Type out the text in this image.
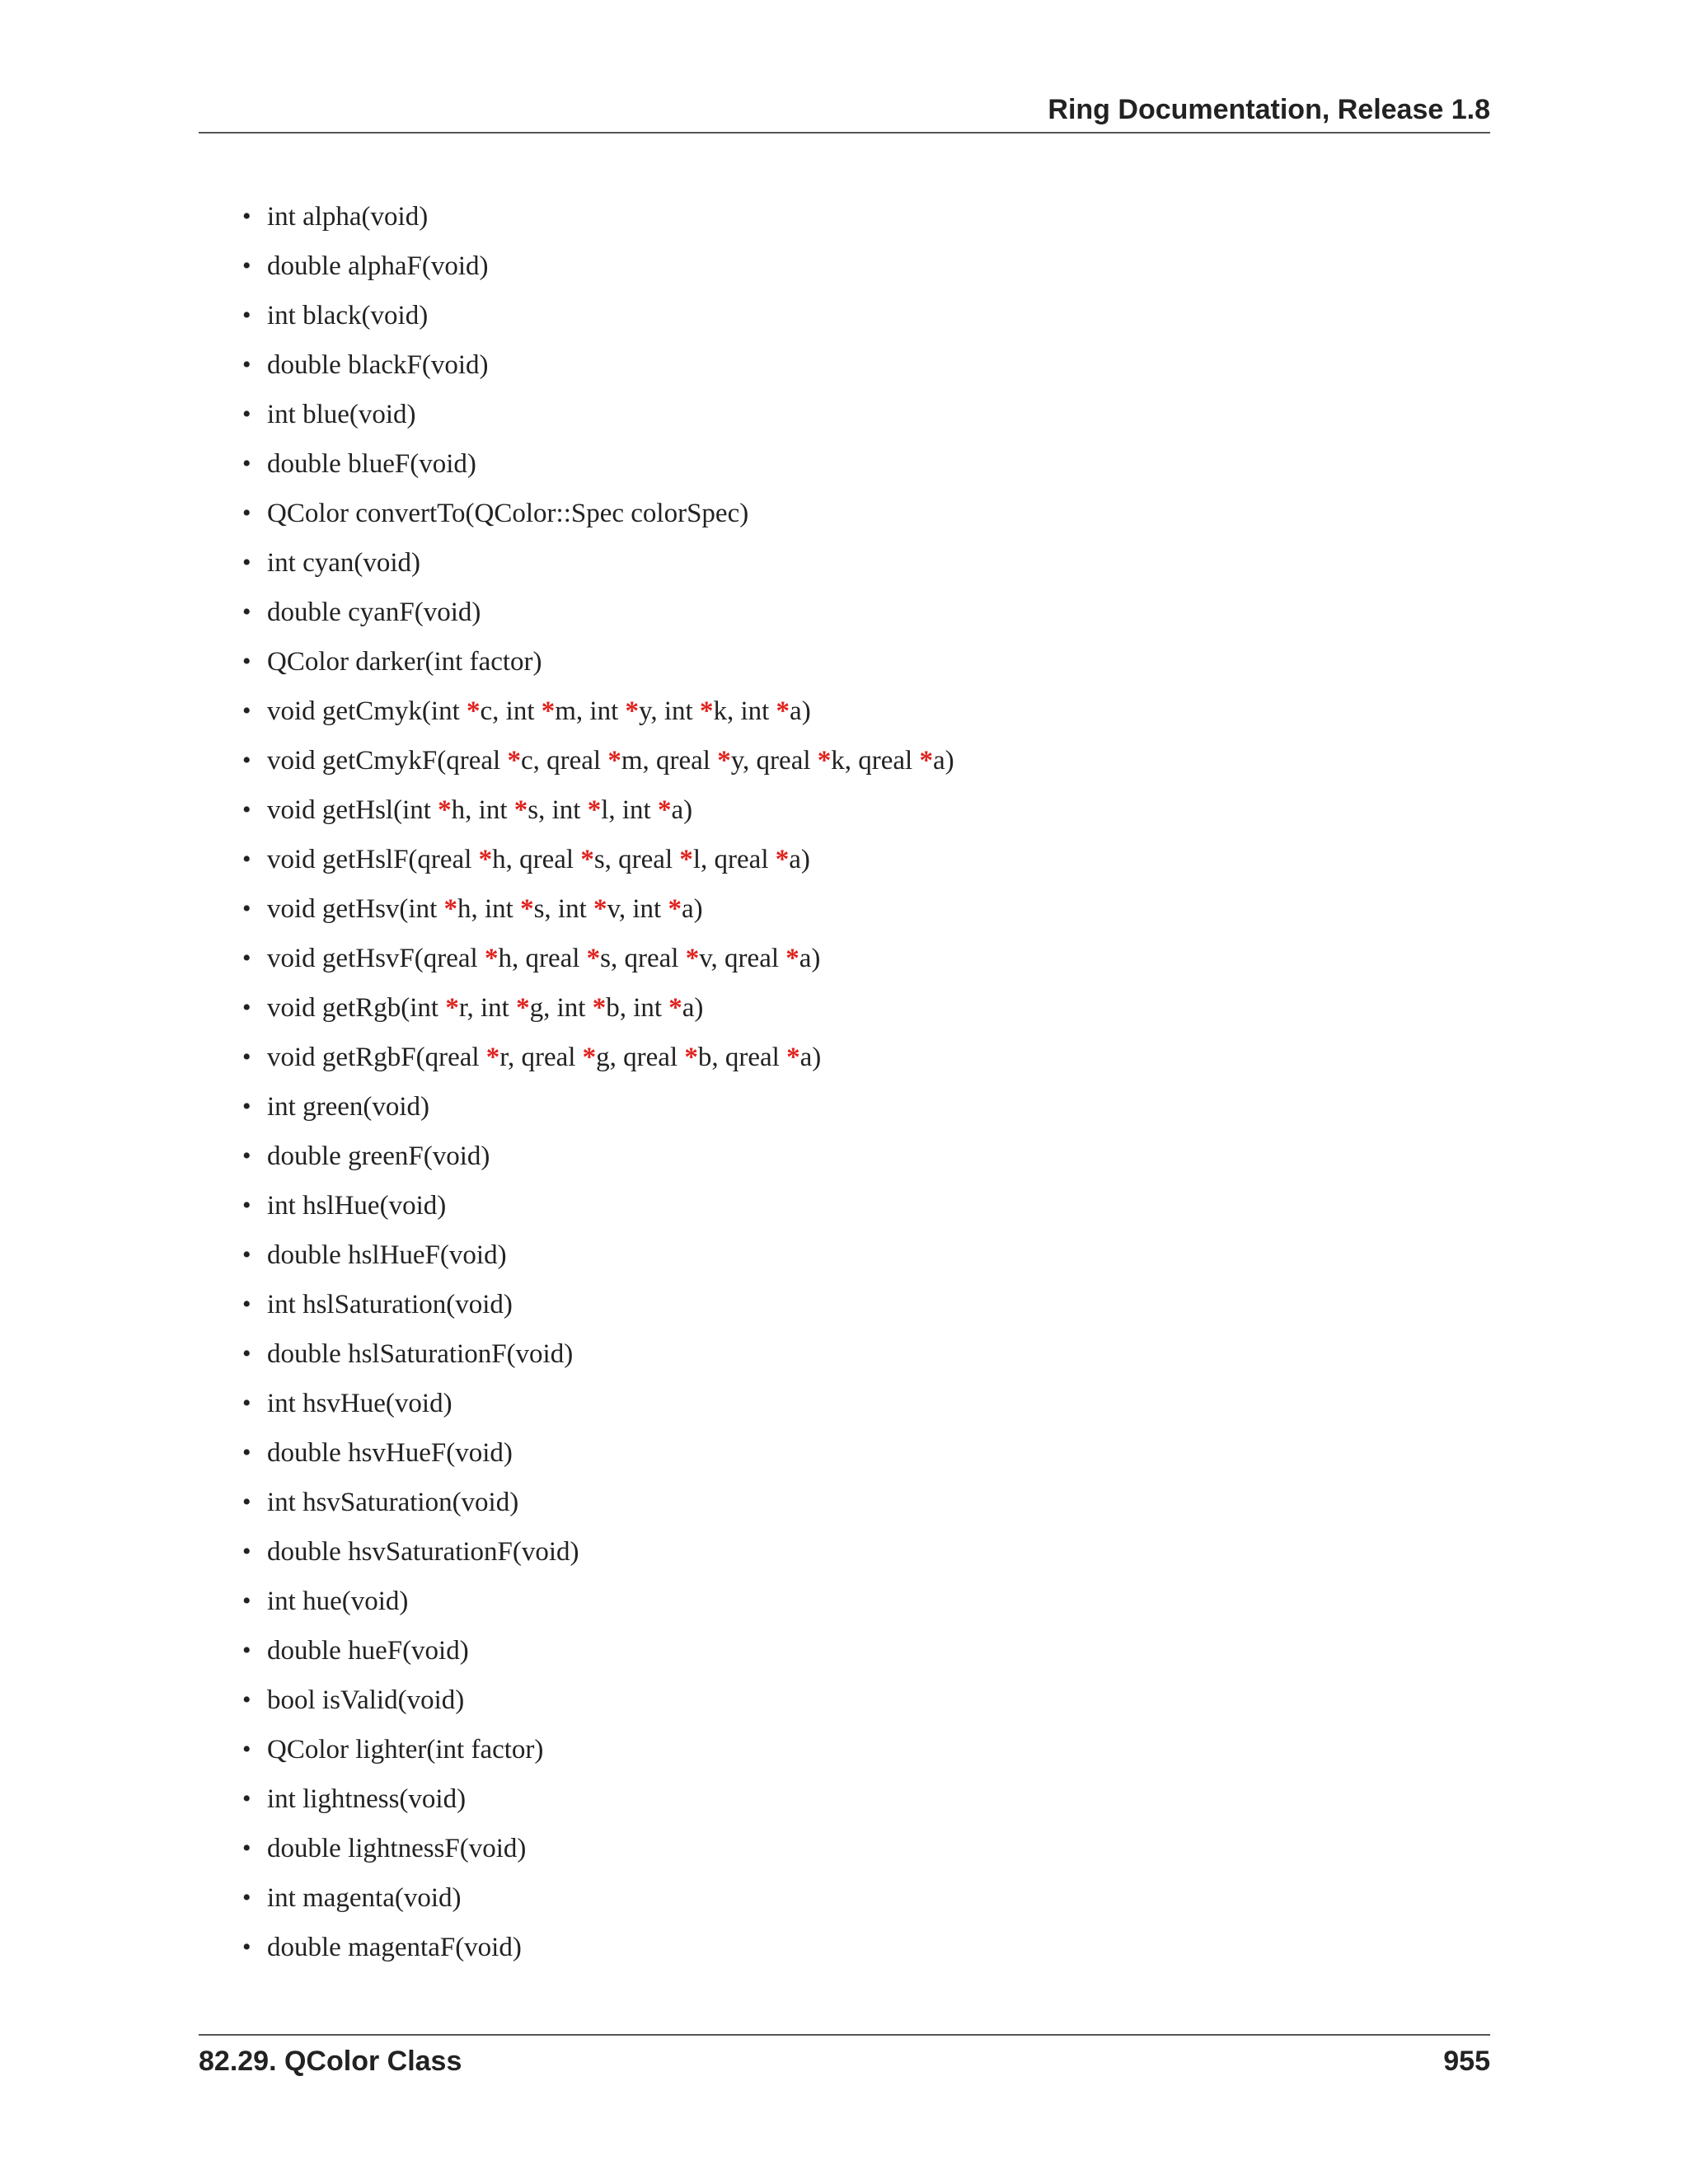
Ring Documentation, Release 1.8
• int alpha(void)
• double alphaF(void)
• int black(void)
• double blackF(void)
• int blue(void)
• double blueF(void)
• QColor convertTo(QColor::Spec colorSpec)
• int cyan(void)
• double cyanF(void)
• QColor darker(int factor)
• void getCmyk(int *c, int *m, int *y, int *k, int *a)
• void getCmykF(qreal *c, qreal *m, qreal *y, qreal *k, qreal *a)
• void getHsl(int *h, int *s, int *l, int *a)
• void getHslF(qreal *h, qreal *s, qreal *l, qreal *a)
• void getHsv(int *h, int *s, int *v, int *a)
• void getHsvF(qreal *h, qreal *s, qreal *v, qreal *a)
• void getRgb(int *r, int *g, int *b, int *a)
• void getRgbF(qreal *r, qreal *g, qreal *b, qreal *a)
• int green(void)
• double greenF(void)
• int hslHue(void)
• double hslHueF(void)
• int hslSaturation(void)
• double hslSaturationF(void)
• int hsvHue(void)
• double hsvHueF(void)
• int hsvSaturation(void)
• double hsvSaturationF(void)
• int hue(void)
• double hueF(void)
• bool isValid(void)
• QColor lighter(int factor)
• int lightness(void)
• double lightnessF(void)
• int magenta(void)
• double magentaF(void)
82.29. QColor Class	955
